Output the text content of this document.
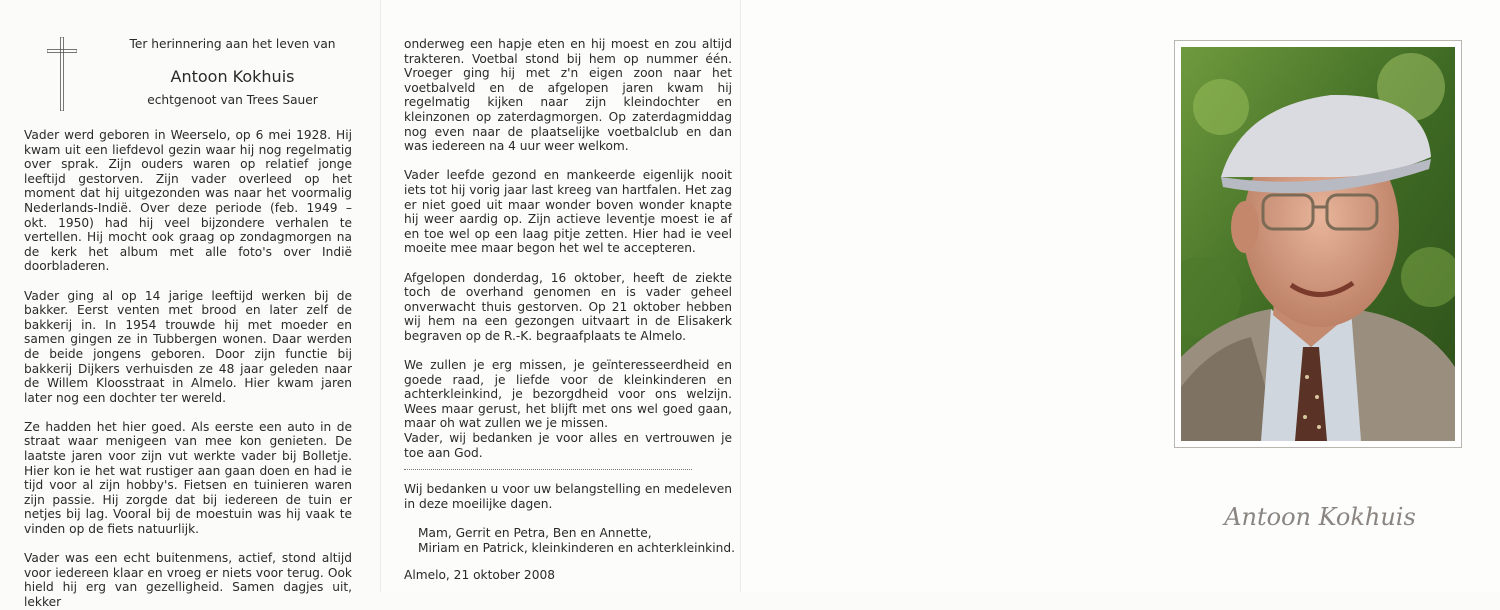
Ter herinnering aan het leven van
Antoon Kokhuis
echtgenoot van Trees Sauer

Vader werd geboren in Weerselo, op 6 mei 1928. Hij kwam uit een liefdevol gezin waar hij nog regelmatig over sprak. Zijn ouders waren op relatief jonge leeftijd gestorven. Zijn vader overleed op het moment dat hij uitgezonden was naar het voormalig Nederlands-Indië. Over deze periode (feb. 1949 – okt. 1950) had hij veel bijzondere verhalen te vertellen. Hij mocht ook graag op zondagmorgen na de kerk het album met alle foto's over Indië doorbladeren.

Vader ging al op 14 jarige leeftijd werken bij de bakker. Eerst venten met brood en later zelf de bakkerij in. In 1954 trouwde hij met moeder en samen gingen ze in Tubbergen wonen. Daar werden de beide jongens geboren. Door zijn functie bij bakkerij Dijkers verhuisden ze 48 jaar geleden naar de Willem Kloosstraat in Almelo. Hier kwam jaren later nog een dochter ter wereld.

Ze hadden het hier goed. Als eerste een auto in de straat waar menigeen van mee kon genieten. De laatste jaren voor zijn vut werkte vader bij Bolletje. Hier kon ie het wat rustiger aan gaan doen en had ie tijd voor al zijn hobby's. Fietsen en tuinieren waren zijn passie. Hij zorgde dat bij iedereen de tuin er netjes bij lag. Vooral bij de moestuin was hij vaak te vinden op de fiets natuurlijk.

Vader was een echt buitenmens, actief, stond altijd voor iedereen klaar en vroeg er niets voor terug. Ook hield hij erg van gezelligheid. Samen dagjes uit, lekker

onderweg een hapje eten en hij moest en zou altijd trakteren. Voetbal stond bij hem op nummer één. Vroeger ging hij met z'n eigen zoon naar het voetbalveld en de afgelopen jaren kwam hij regelmatig kijken naar zijn kleindochter en kleinzonen op zaterdagmorgen. Op zaterdagmiddag nog even naar de plaatselijke voetbalclub en dan was iedereen na 4 uur weer welkom.

Vader leefde gezond en mankeerde eigenlijk nooit iets tot hij vorig jaar last kreeg van hartfalen. Het zag er niet goed uit maar wonder boven wonder knapte hij weer aardig op. Zijn actieve leventje moest ie af en toe wel op een laag pitje zetten. Hier had ie veel moeite mee maar begon het wel te accepteren.

Afgelopen donderdag, 16 oktober, heeft de ziekte toch de overhand genomen en is vader geheel onverwacht thuis gestorven. Op 21 oktober hebben wij hem na een gezongen uitvaart in de Elisakerk begraven op de R.-K. begraafplaats te Almelo.

We zullen je erg missen, je geïnteresseerdheid en goede raad, je liefde voor de kleinkinderen en achterkleinkind, je bezorgdheid voor ons welzijn. Wees maar gerust, het blijft met ons wel goed gaan, maar oh wat zullen we je missen.

Vader, wij bedanken je voor alles en vertrouwen je toe aan God.

Wij bedanken u voor uw belangstelling en medeleven in deze moeilijke dagen.

Mam, Gerrit en Petra, Ben en Annette,
Miriam en Patrick, kleinkinderen en achterkleinkind.
Almelo, 21 oktober 2008
Antoon Kokhuis
